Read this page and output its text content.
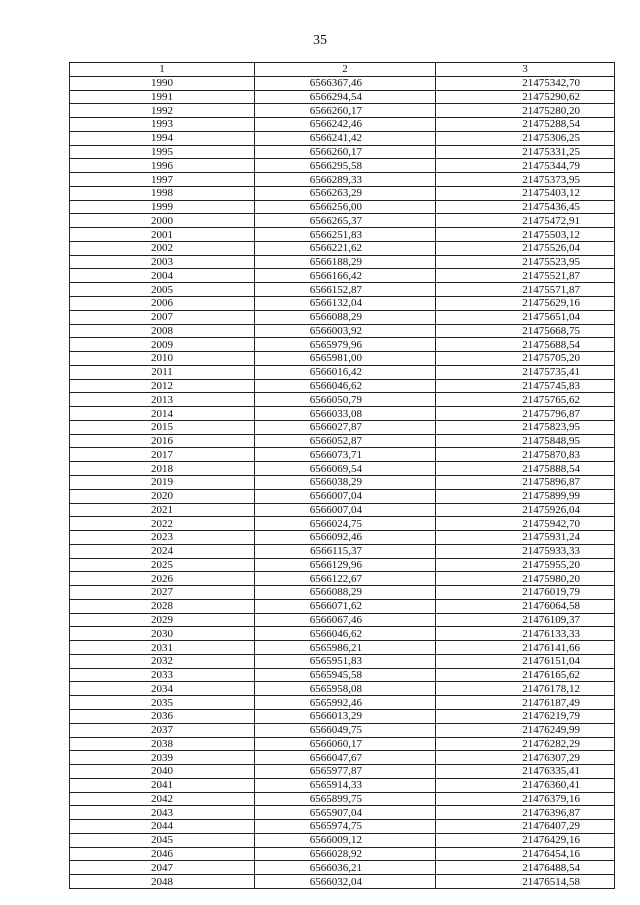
35
1	2	3
1990	6566367,46	21475342,70
1991	6566294,54	21475290,62
1992	6566260,17	21475280,20
1993	6566242,46	21475288,54
1994	6566241,42	21475306,25
1995	6566260,17	21475331,25
1996	6566295,58	21475344,79
1997	6566289,33	21475373,95
1998	6566263,29	21475403,12
1999	6566256,00	21475436,45
2000	6566265,37	21475472,91
2001	6566251,83	21475503,12
2002	6566221,62	21475526,04
2003	6566188,29	21475523,95
2004	6566166,42	21475521,87
2005	6566152,87	21475571,87
2006	6566132,04	21475629,16
2007	6566088,29	21475651,04
2008	6566003,92	21475668,75
2009	6565979,96	21475688,54
2010	6565981,00	21475705,20
2011	6566016,42	21475735,41
2012	6566046,62	21475745,83
2013	6566050,79	21475765,62
2014	6566033,08	21475796,87
2015	6566027,87	21475823,95
2016	6566052,87	21475848,95
2017	6566073,71	21475870,83
2018	6566069,54	21475888,54
2019	6566038,29	21475896,87
2020	6566007,04	21475899,99
2021	6566007,04	21475926,04
2022	6566024,75	21475942,70
2023	6566092,46	21475931,24
2024	6566115,37	21475933,33
2025	6566129,96	21475955,20
2026	6566122,67	21475980,20
2027	6566088,29	21476019,79
2028	6566071,62	21476064,58
2029	6566067,46	21476109,37
2030	6566046,62	21476133,33
2031	6565986,21	21476141,66
2032	6565951,83	21476151,04
2033	6565945,58	21476165,62
2034	6565958,08	21476178,12
2035	6565992,46	21476187,49
2036	6566013,29	21476219,79
2037	6566049,75	21476249,99
2038	6566060,17	21476282,29
2039	6566047,67	21476307,29
2040	6565977,87	21476335,41
2041	6565914,33	21476360,41
2042	6565899,75	21476379,16
2043	6565907,04	21476396,87
2044	6565974,75	21476407,29
2045	6566009,12	21476429,16
2046	6566028,92	21476454,16
2047	6566036,21	21476488,54
2048	6566032,04	21476514,58
